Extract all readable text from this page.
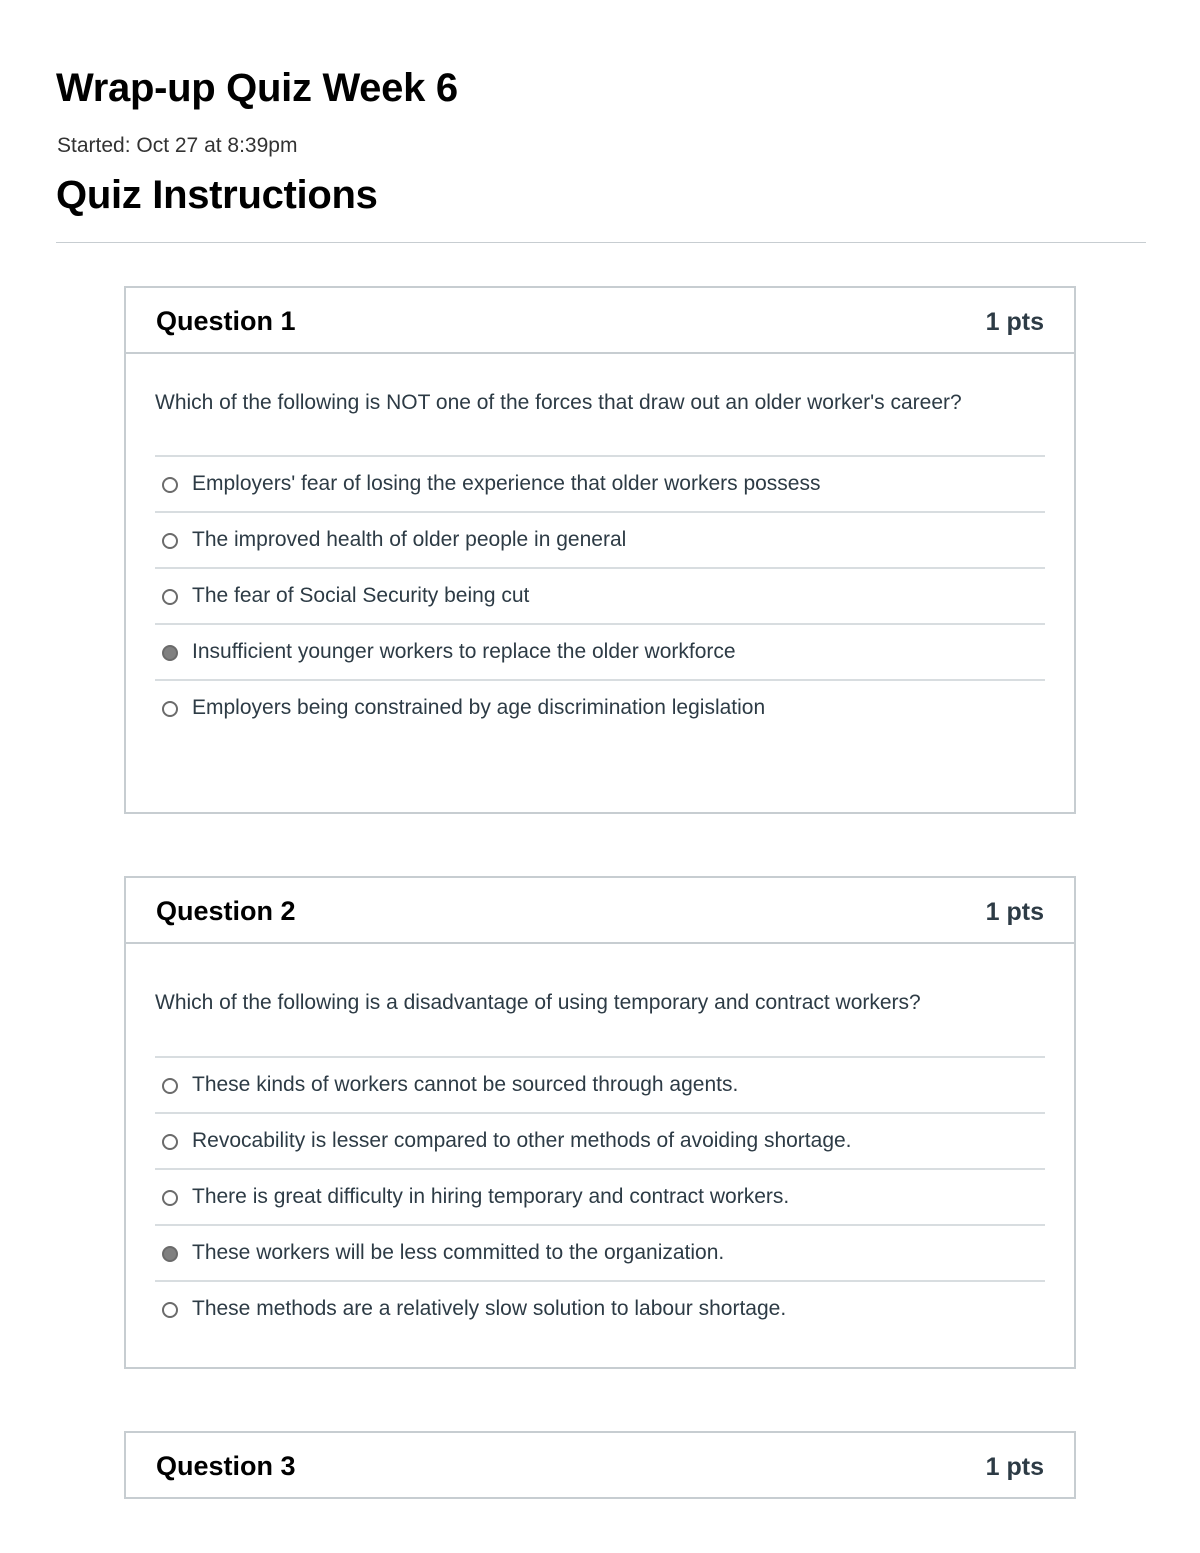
Wrap-up Quiz Week 6
Started: Oct 27 at 8:39pm
Quiz Instructions
Question 1	1 pts

Which of the following is NOT one of the forces that draw out an older worker's career?

Employers' fear of losing the experience that older workers possess
The improved health of older people in general
The fear of Social Security being cut
Insufficient younger workers to replace the older workforce
Employers being constrained by age discrimination legislation
Question 2	1 pts

Which of the following is a disadvantage of using temporary and contract workers?

These kinds of workers cannot be sourced through agents.
Revocability is lesser compared to other methods of avoiding shortage.
There is great difficulty in hiring temporary and contract workers.
These workers will be less committed to the organization.
These methods are a relatively slow solution to labour shortage.
Question 3	1 pts
